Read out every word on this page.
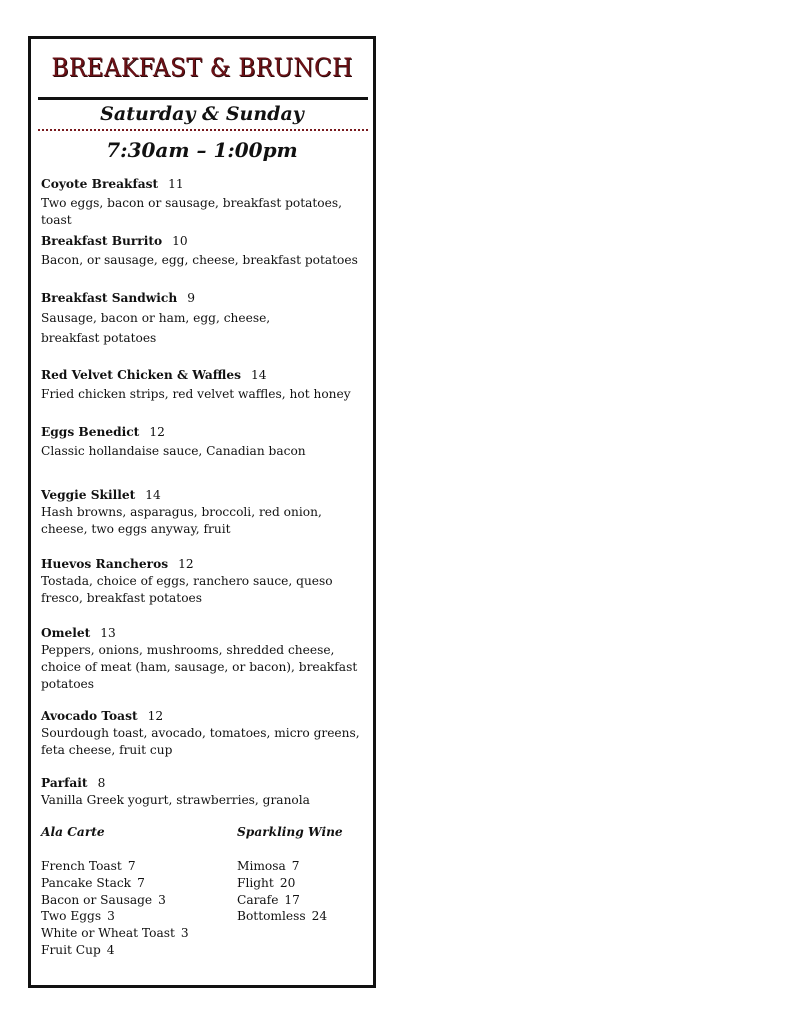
BREAKFAST & BRUNCH
Saturday & Sunday
7:30am – 1:00pm
Coyote Breakfast 11
Two eggs, bacon or sausage, breakfast potatoes, toast
Breakfast Burrito 10
Bacon, or sausage, egg, cheese, breakfast potatoes
Breakfast Sandwich 9
Sausage, bacon or ham, egg, cheese, breakfast potatoes
Red Velvet Chicken & Waffles 14
Fried chicken strips, red velvet waffles, hot honey
Eggs Benedict 12
Classic hollandaise sauce, Canadian bacon
Veggie Skillet 14
Hash browns, asparagus, broccoli, red onion, cheese, two eggs anyway, fruit
Huevos Rancheros 12
Tostada, choice of eggs, ranchero sauce, queso fresco, breakfast potatoes
Omelet 13
Peppers, onions, mushrooms, shredded cheese, choice of meat (ham, sausage, or bacon), breakfast potatoes
Avocado Toast 12
Sourdough toast, avocado, tomatoes, micro greens, feta cheese, fruit cup
Parfait 8
Vanilla Greek yogurt, strawberries, granola
Ala Carte
French Toast 7
Pancake Stack 7
Bacon or Sausage 3
Two Eggs 3
White or Wheat Toast 3
Fruit Cup 4
Sparkling Wine
Mimosa 7
Flight 20
Carafe 17
Bottomless 24
